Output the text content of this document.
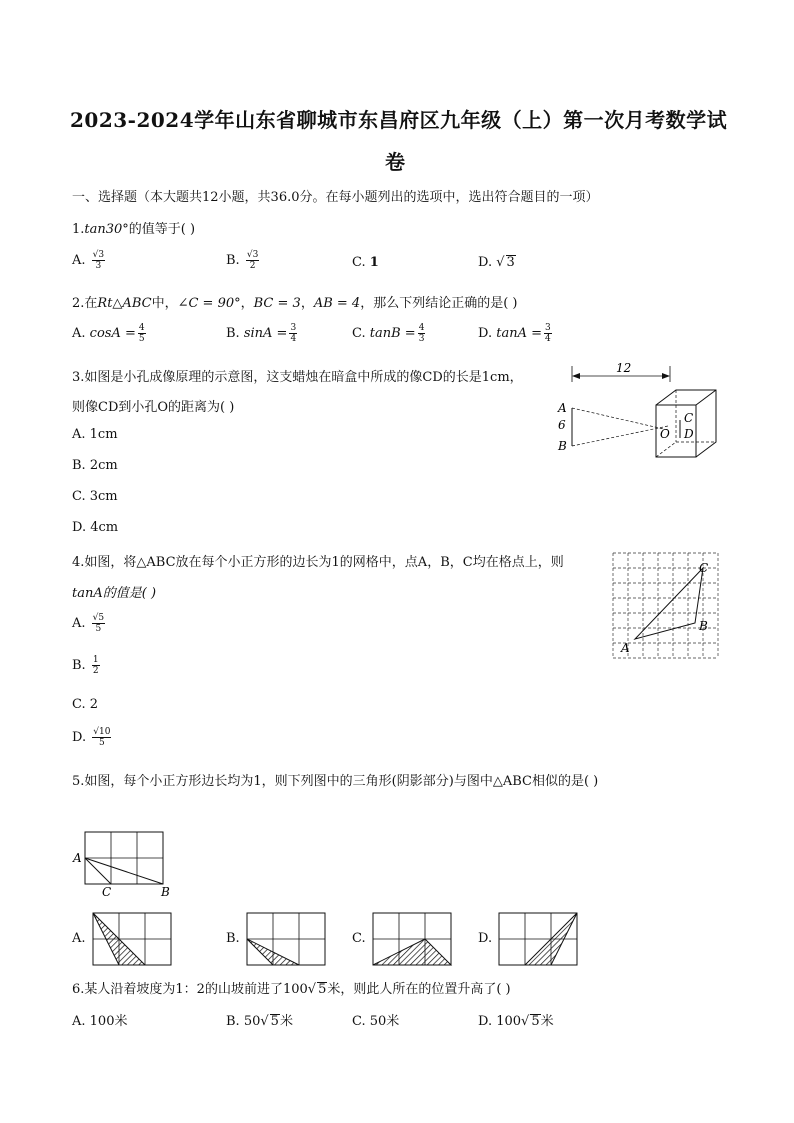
2023-2024学年山东省聊城市东昌府区九年级（上）第一次月考数学试
卷
一、选择题（本大题共12小题，共36.0分。在每小题列出的选项中，选出符合题目的一项）
1.tan30°的值等于( )
A. $\frac{√3}{3}$	B. $\frac{√3}{2}$	C. 1	D. √ 3
2.在Rt△ABC中，∠C = 90°，BC = 3，AB = 4，那么下列结论正确的是( )
A. $\cos A = \frac{4}{5}$	B. $\sin A = \frac{3}{4}$	C. $\tan B = \frac{4}{3}$	D. $\tan A = \frac{3}{4}$
3.如图是小孔成像原理的示意图，这支蜡烛在暗盒中所成的像CD的长是1cm，
则像CD到小孔O的距离为( )
A. 1cm
B. 2cm
C. 3cm
D. 4cm
12
A
6
B
C
O D
4.如图，将△ABC放在每个小正方形的边长为1的网格中，点A，B，C均在格点上，则
tanA的值是( )
A. $\frac{√5}{5}$
B. $\frac{1}{2}$
C. 2
D. $\frac{√10}{5}$
A
B
C
5.如图，每个小正方形边长均为1，则下列图中的三角形(阴影部分)与图中△ABC相似的是( )
A
C	B
A.	B.	C.	D.
6.某人沿着坡度为1：2的山坡前进了100√ 5米，则此人所在的位置升高了( )
A. 100米	B. 50√ 5米	C. 50米	D. 100√ 5米
